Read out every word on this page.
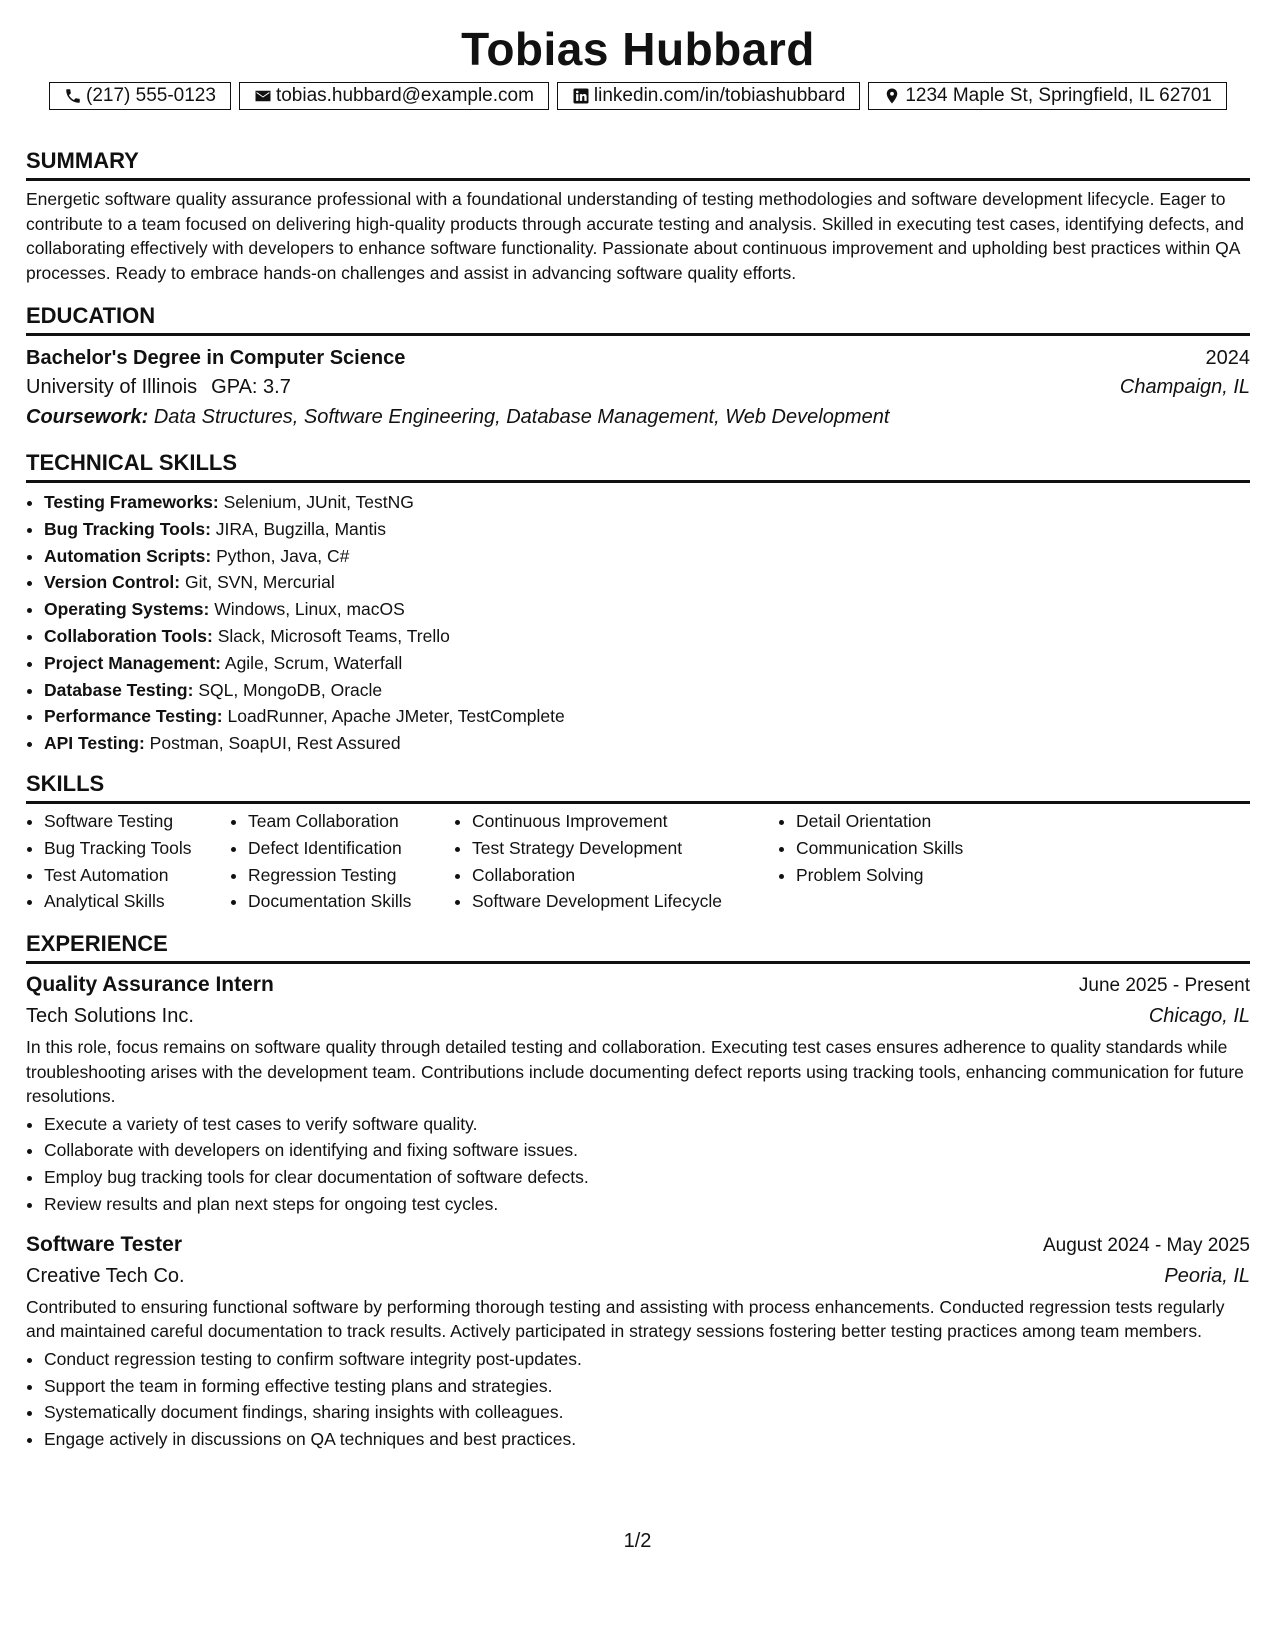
Tobias Hubbard
(217) 555-0123	tobias.hubbard@example.com	linkedin.com/in/tobiashubbard	1234 Maple St, Springfield, IL 62701
SUMMARY
Energetic software quality assurance professional with a foundational understanding of testing methodologies and software development lifecycle. Eager to contribute to a team focused on delivering high-quality products through accurate testing and analysis. Skilled in executing test cases, identifying defects, and collaborating effectively with developers to enhance software functionality. Passionate about continuous improvement and upholding best practices within QA processes. Ready to embrace hands-on challenges and assist in advancing software quality efforts.
EDUCATION
Bachelor's Degree in Computer Science	2024
University of Illinois GPA: 3.7	Champaign, IL
Coursework: Data Structures, Software Engineering, Database Management, Web Development
TECHNICAL SKILLS
• Testing Frameworks: Selenium, JUnit, TestNG
• Bug Tracking Tools: JIRA, Bugzilla, Mantis
• Automation Scripts: Python, Java, C#
• Version Control: Git, SVN, Mercurial
• Operating Systems: Windows, Linux, macOS
• Collaboration Tools: Slack, Microsoft Teams, Trello
• Project Management: Agile, Scrum, Waterfall
• Database Testing: SQL, MongoDB, Oracle
• Performance Testing: LoadRunner, Apache JMeter, TestComplete
• API Testing: Postman, SoapUI, Rest Assured
SKILLS
• Software Testing
• Bug Tracking Tools
• Test Automation
• Analytical Skills
• Team Collaboration
• Defect Identification
• Regression Testing
• Documentation Skills
• Continuous Improvement
• Test Strategy Development
• Collaboration
• Software Development Lifecycle
• Detail Orientation
• Communication Skills
• Problem Solving
EXPERIENCE
Quality Assurance Intern	June 2025 - Present
Tech Solutions Inc.	Chicago, IL
In this role, focus remains on software quality through detailed testing and collaboration. Executing test cases ensures adherence to quality standards while troubleshooting arises with the development team. Contributions include documenting defect reports using tracking tools, enhancing communication for future resolutions.
• Execute a variety of test cases to verify software quality.
• Collaborate with developers on identifying and fixing software issues.
• Employ bug tracking tools for clear documentation of software defects.
• Review results and plan next steps for ongoing test cycles.
Software Tester	August 2024 - May 2025
Creative Tech Co.	Peoria, IL
Contributed to ensuring functional software by performing thorough testing and assisting with process enhancements. Conducted regression tests regularly and maintained careful documentation to track results. Actively participated in strategy sessions fostering better testing practices among team members.
• Conduct regression testing to confirm software integrity post-updates.
• Support the team in forming effective testing plans and strategies.
• Systematically document findings, sharing insights with colleagues.
• Engage actively in discussions on QA techniques and best practices.
1/2
